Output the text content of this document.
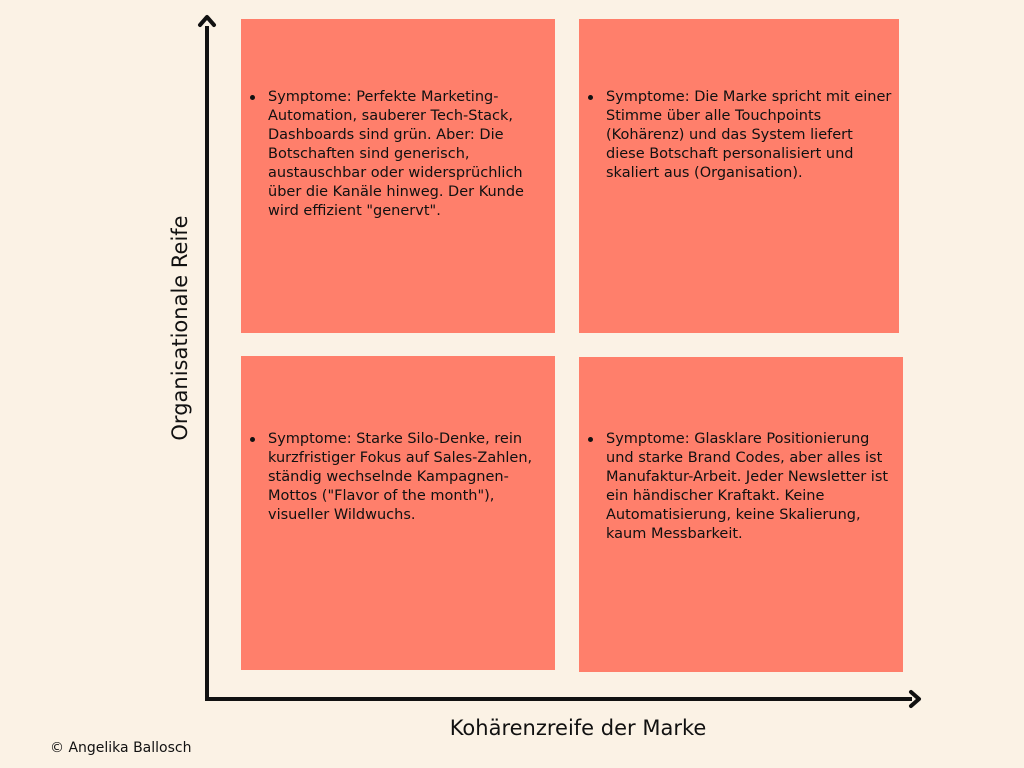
Symptome: Perfekte Marketing-Automation, sauberer Tech-Stack, Dashboards sind grün. Aber: Die Botschaften sind generisch, austauschbar oder widersprüchlich über die Kanäle hinweg. Der Kunde wird effizient "genervt".
Symptome: Die Marke spricht mit einer Stimme über alle Touchpoints (Kohärenz) und das System liefert diese Botschaft personalisiert und skaliert aus (Organisation).
Symptome: Starke Silo-Denke, rein kurzfristiger Fokus auf Sales-Zahlen, ständig wechselnde Kampagnen-Mottos ("Flavor of the month"), visueller Wildwuchs.
Symptome: Glasklare Positionierung und starke Brand Codes, aber alles ist Manufaktur-Arbeit. Jeder Newsletter ist ein händischer Kraftakt. Keine Automatisierung, keine Skalierung, kaum Messbarkeit.
Organisationale Reife
Kohärenzreife der Marke
© Angelika Ballosch
